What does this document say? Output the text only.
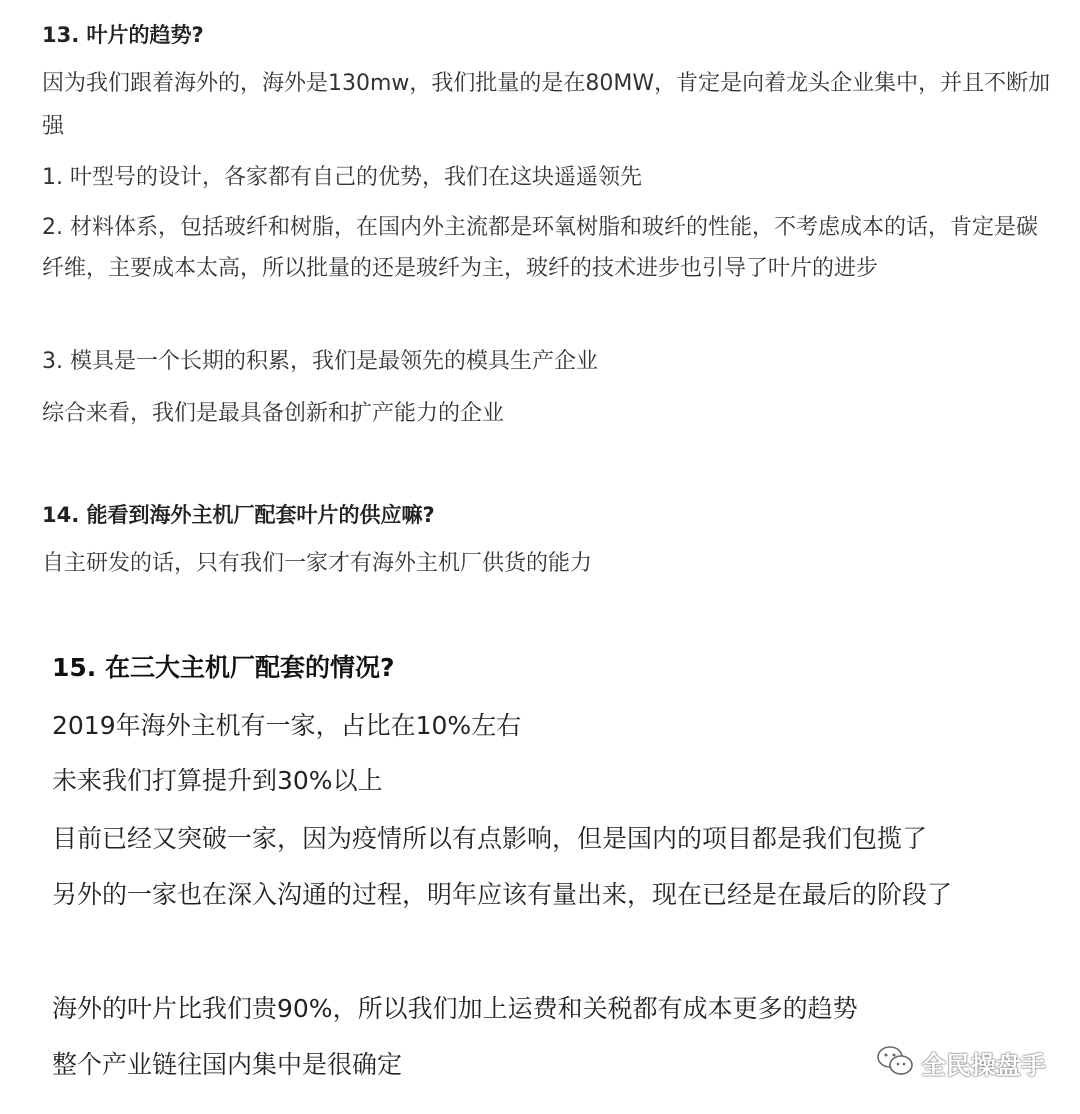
13. 叶片的趋势?
因为我们跟着海外的，海外是130mw，我们批量的是在80MW，肯定是向着龙头企业集中，并且不断加强
1. 叶型号的设计，各家都有自己的优势，我们在这块遥遥领先
2. 材料体系，包括玻纤和树脂，在国内外主流都是环氧树脂和玻纤的性能，不考虑成本的话，肯定是碳纤维，主要成本太高，所以批量的还是玻纤为主，玻纤的技术进步也引导了叶片的进步
3. 模具是一个长期的积累，我们是最领先的模具生产企业
综合来看，我们是最具备创新和扩产能力的企业
14. 能看到海外主机厂配套叶片的供应嘛?
自主研发的话，只有我们一家才有海外主机厂供货的能力
15. 在三大主机厂配套的情况?
2019年海外主机有一家，占比在10%左右
未来我们打算提升到30%以上
目前已经又突破一家，因为疫情所以有点影响，但是国内的项目都是我们包揽了
另外的一家也在深入沟通的过程，明年应该有量出来，现在已经是在最后的阶段了
海外的叶片比我们贵90%，所以我们加上运费和关税都有成本更多的趋势
整个产业链往国内集中是很确定	全民操盘手
